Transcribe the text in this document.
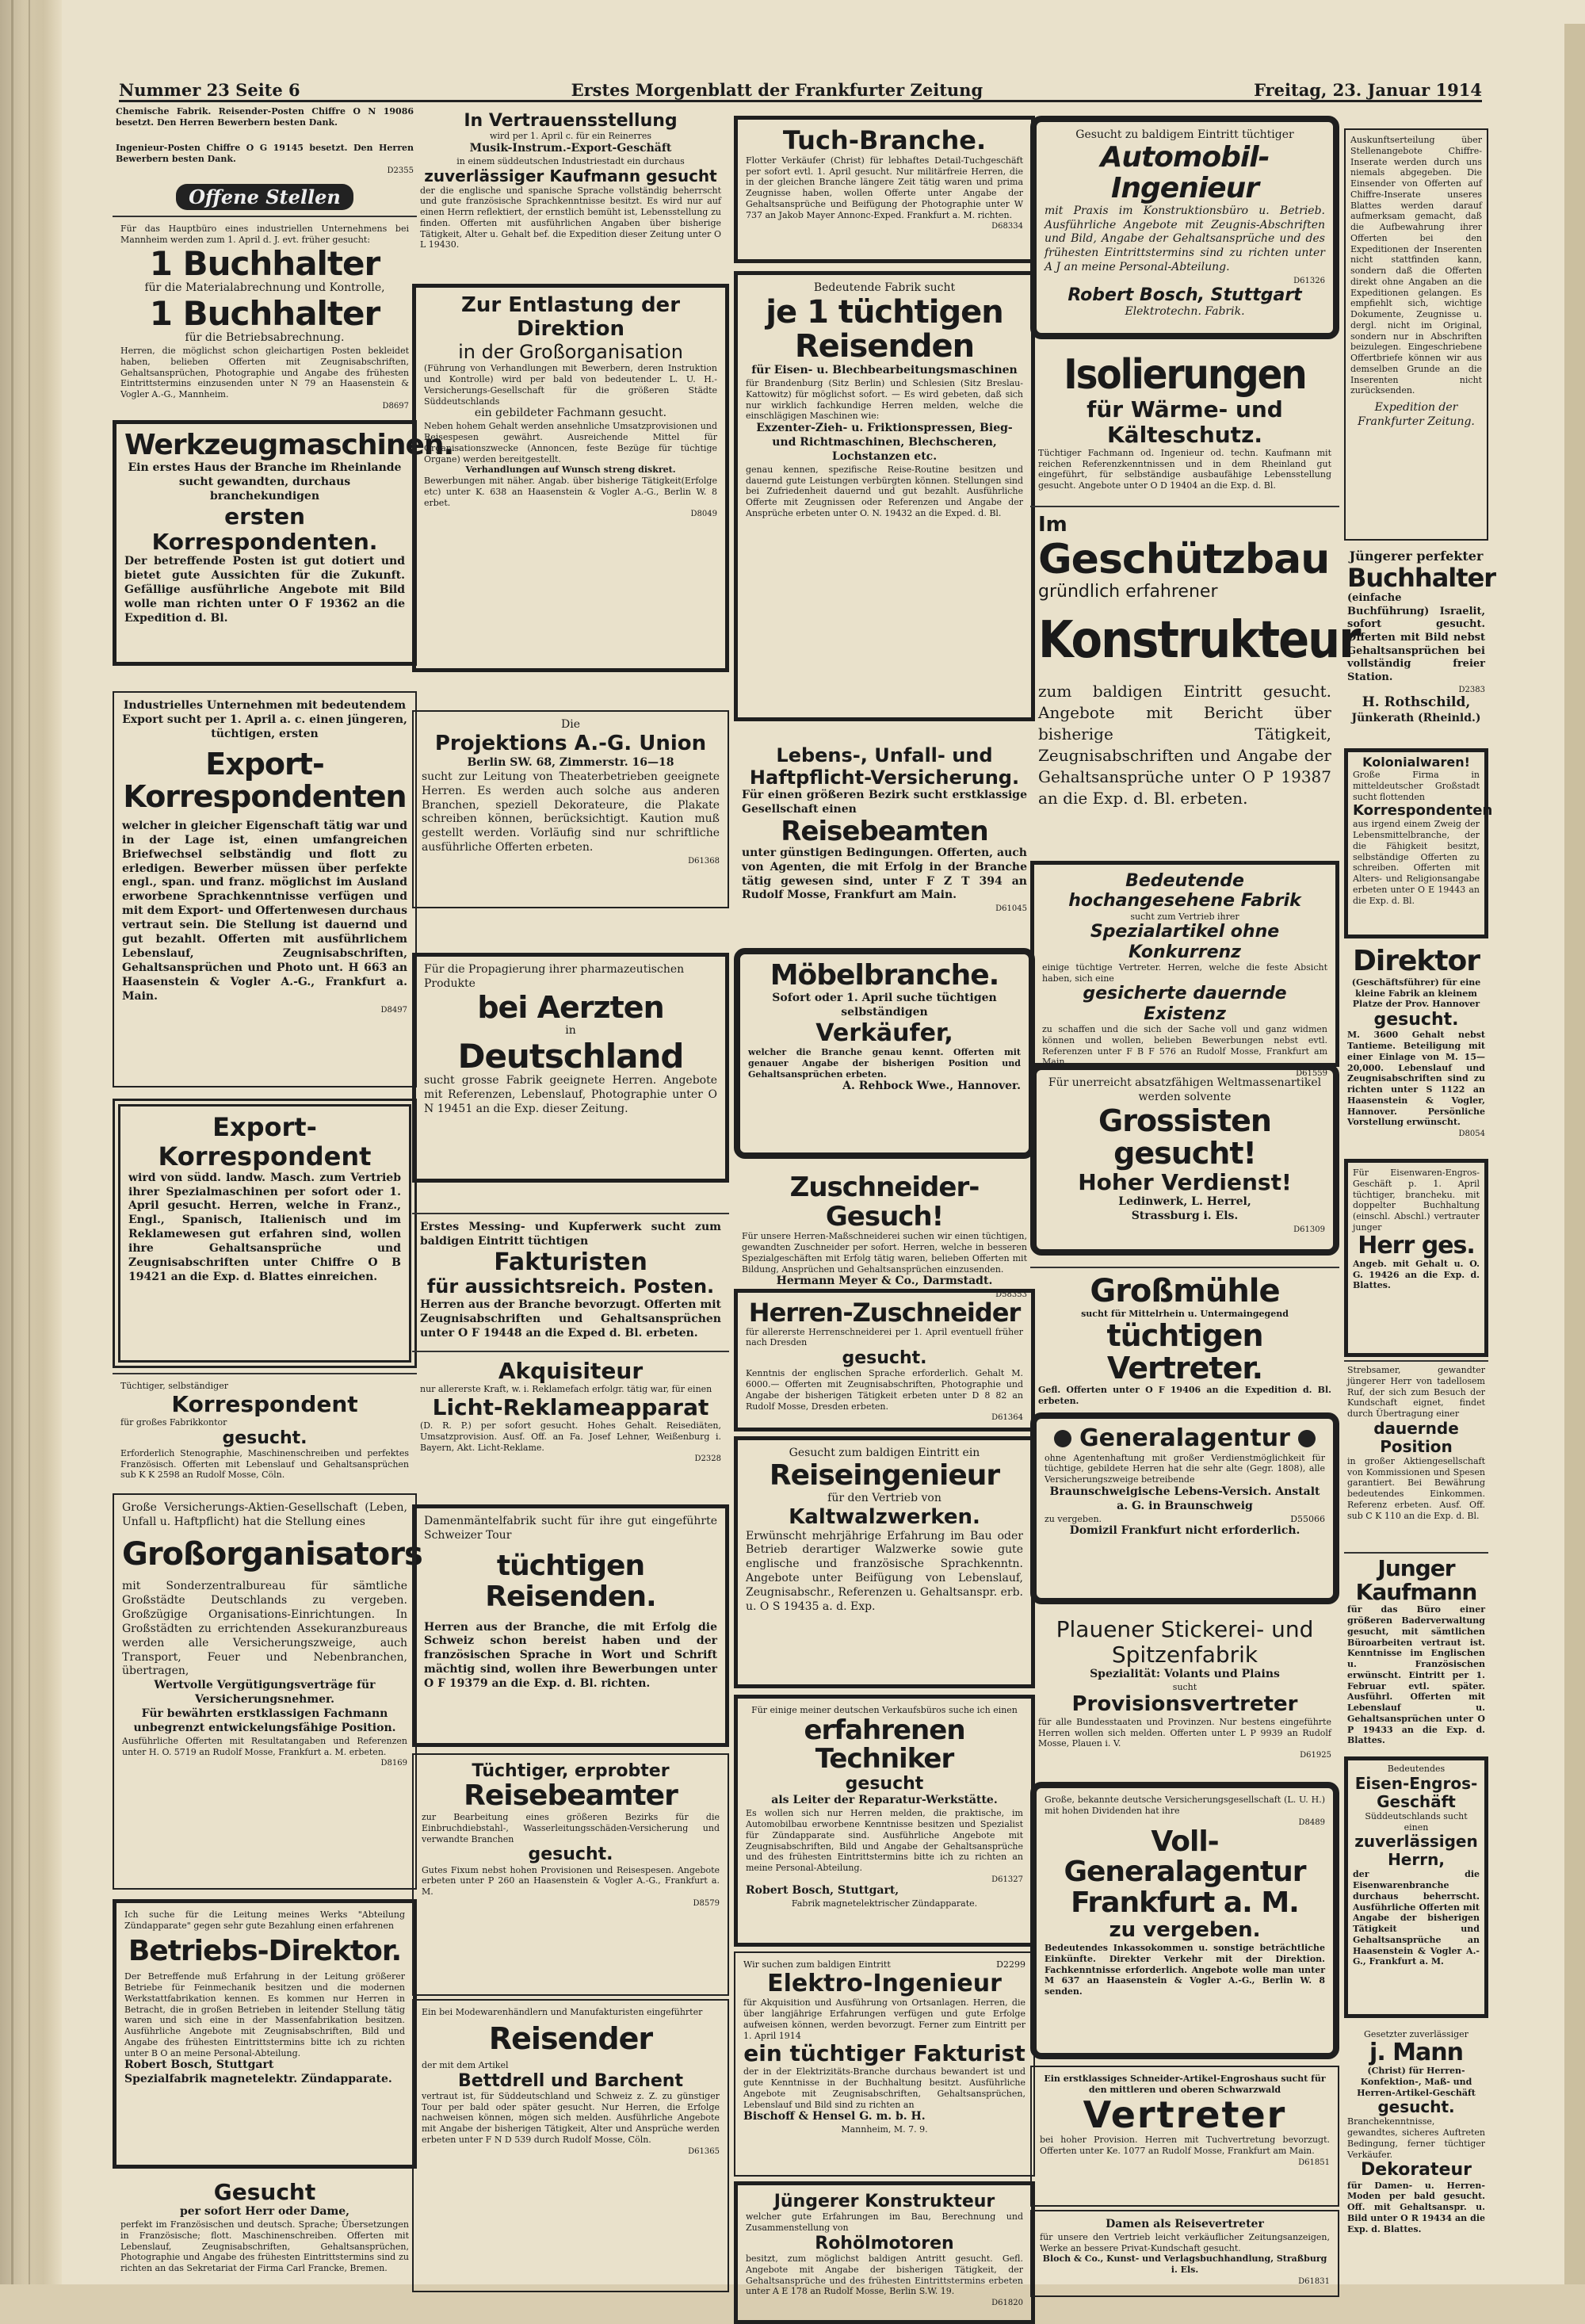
Nummer 23 Seite 6	Erstes Morgenblatt der Frankfurter Zeitung	Freitag, 23. Januar 1914
Chemische Fabrik. Reisender-Posten Chiffre O N 19086 besetzt. Den Herren Bewerbern besten Dank.
Ingenieur-Posten Chiffre O G 19145 besetzt. Den Herren Bewerbern besten Dank.
D2355
Offene Stellen
Für das Hauptbüro eines industriellen Unternehmens bei Mannheim werden zum 1. April d. J. evt. früher gesucht:
1 Buchhalter
für die Materialabrechnung und Kontrolle,
1 Buchhalter
für die Betriebsabrechnung.
Herren, die möglichst schon gleichartigen Posten bekleidet haben, belieben Offerten mit Zeugnisabschriften, Gehaltsansprüchen, Photographie und Angabe des frühesten Eintrittstermins einzusenden unter N 79 an Haasenstein & Vogler A.-G., Mannheim.
D8697
Werkzeugmaschinen.
Ein erstes Haus der Branche im Rheinlande sucht gewandten, durchaus branchekundigen
ersten Korrespondenten.
Der betreffende Posten ist gut dotiert und bietet gute Aussichten für die Zukunft. Gefällige ausführliche Angebote mit Bild wolle man richten unter O F 19362 an die Expedition d. Bl.
Industrielles Unternehmen mit bedeutendem Export sucht per 1. April a. c. einen jüngeren, tüchtigen, ersten
Export-Korrespondenten
welcher in gleicher Eigenschaft tätig war und in der Lage ist, einen umfangreichen Briefwechsel selbständig und flott zu erledigen. Bewerber müssen über perfekte engl., span. und franz. möglichst im Ausland erworbene Sprachkenntnisse verfügen und mit dem Export- und Offertenwesen durchaus vertraut sein. Die Stellung ist dauernd und gut bezahlt. Offerten mit ausführlichem Lebenslauf, Zeugnisabschriften, Gehaltsansprüchen und Photo unt. H 663 an Haasenstein & Vogler A.-G., Frankfurt a. Main.
D8497
Export-Korrespondent
wird von südd. landw. Masch. zum Vertrieb ihrer Spezialmaschinen per sofort oder 1. April gesucht. Herren, welche in Franz., Engl., Spanisch, Italienisch und im Reklamewesen gut erfahren sind, wollen ihre Gehaltsansprüche und Zeugnisabschriften unter Chiffre O B 19421 an die Exp. d. Blattes einreichen.
Tüchtiger, selbständiger
Korrespondent
für großes Fabrikkontor
gesucht.
Erforderlich Stenographie, Maschinenschreiben und perfektes Französisch. Offerten mit Lebenslauf und Gehaltsansprüchen sub K K 2598 an Rudolf Mosse, Cöln.
Große Versicherungs-Aktien-Gesellschaft (Leben, Unfall u. Haftpflicht) hat die Stellung eines
Großorganisators
mit Sonderzentralbureau für sämtliche Großstädte Deutschlands zu vergeben. Großzügige Organisations-Einrichtungen. In Großstädten zu errichtenden Assekuranzbureaus werden alle Versicherungszweige, auch Transport, Feuer und Nebenbranchen, übertragen,
Wertvolle Vergütigungsverträge für Versicherungsnehmer.
Für bewährten erstklassigen Fachmann unbegrenzt entwickelungsfähige Position.
Ausführliche Offerten mit Resultatangaben und Referenzen unter H. O. 5719 an Rudolf Mosse, Frankfurt a. M. erbeten.
D8169
Ich suche für die Leitung meines Werks "Abteilung Zündapparate" gegen sehr gute Bezahlung einen erfahrenen
Betriebs-Direktor.
Der Betreffende muß Erfahrung in der Leitung größerer Betriebe für Feinmechanik besitzen und die modernen Werkstattfabrikation kennen. Es kommen nur Herren in Betracht, die in großen Betrieben in leitender Stellung tätig waren und sich eine in der Massenfabrikation besitzen. Ausführliche Angebote mit Zeugnisabschriften, Bild und Angabe des frühesten Eintrittstermins bitte ich zu richten unter B O an meine Personal-Abteilung.
Robert Bosch, Stuttgart
Spezialfabrik magnetelektr. Zündapparate.
Gesucht
per sofort Herr oder Dame,
perfekt im Französischen und deutsch. Sprache; Übersetzungen in Französische; flott. Maschinenschreiben. Offerten mit Lebenslauf, Zeugnisabschriften, Gehaltsansprüchen, Photographie und Angabe des frühesten Eintrittstermins sind zu richten an das Sekretariat der Firma Carl Francke, Bremen.
In Vertrauensstellung
wird per 1. April c. für ein Reinerres
Musik-Instrum.-Export-Geschäft
in einem süddeutschen Industriestadt ein durchaus
zuverlässiger Kaufmann gesucht
der die englische und spanische Sprache vollständig beherrscht und gute französische Sprachkenntnisse besitzt. Es wird nur auf einen Herrn reflektiert, der ernstlich bemüht ist, Lebensstellung zu finden. Offerten mit ausführlichen Angaben über bisherige Tätigkeit, Alter u. Gehalt bef. die Expedition dieser Zeitung unter O L 19430.
Zur Entlastung der Direktion
in der Großorganisation
(Führung von Verhandlungen mit Bewerbern, deren Instruktion und Kontrolle) wird per bald von bedeutender L. U. H.-Versicherungs-Gesellschaft für die größeren Städte Süddeutschlands
ein gebildeter Fachmann gesucht.
Neben hohem Gehalt werden ansehnliche Umsatzprovisionen und Reisespesen gewährt. Ausreichende Mittel für Organisationszwecke (Annoncen, feste Bezüge für tüchtige Organe) werden bereitgestellt.
Verhandlungen auf Wunsch streng diskret.
Bewerbungen mit näher. Angab. über bisherige Tätigkeit(Erfolge etc) unter K. 638 an Haasenstein & Vogler A.-G., Berlin W. 8 erbet.
D8049
Die
Projektions A.-G. Union
Berlin SW. 68, Zimmerstr. 16—18
sucht zur Leitung von Theaterbetrieben geeignete Herren. Es werden auch solche aus anderen Branchen, speziell Dekorateure, die Plakate schreiben können, berücksichtigt. Kaution muß gestellt werden. Vorläufig sind nur schriftliche ausführliche Offerten erbeten.
D61368
Für die Propagierung ihrer pharmazeutischen Produkte
bei Aerzten
in
Deutschland
sucht grosse Fabrik geeignete Herren. Angebote mit Referenzen, Lebenslauf, Photographie unter O N 19451 an die Exp. dieser Zeitung.
Erstes Messing- und Kupferwerk sucht zum baldigen Eintritt tüchtigen
Fakturisten
für aussichtsreich. Posten.
Herren aus der Branche bevorzugt. Offerten mit Zeugnisabschriften und Gehaltsansprüchen unter O F 19448 an die Exped d. Bl. erbeten.
Akquisiteur
nur allererste Kraft, w. i. Reklamefach erfolgr. tätig war, für einen
Licht-Reklameapparat
(D. R. P.) per sofort gesucht. Hohes Gehalt. Reisediäten, Umsatzprovision. Ausf. Off. an Fa. Josef Lehner, Weißenburg i. Bayern, Akt. Licht-Reklame.
D2328
Damenmäntelfabrik sucht für ihre gut eingeführte Schweizer Tour
tüchtigen Reisenden.
Herren aus der Branche, die mit Erfolg die Schweiz schon bereist haben und der französischen Sprache in Wort und Schrift mächtig sind, wollen ihre Bewerbungen unter O F 19379 an die Exp. d. Bl. richten.
Tüchtiger, erprobter
Reisebeamter
zur Bearbeitung eines größeren Bezirks für die Einbruchdiebstahl-, Wasserleitungsschäden-Versicherung und verwandte Branchen
gesucht.
Gutes Fixum nebst hohen Provisionen und Reisespesen. Angebote erbeten unter P 260 an Haasenstein & Vogler A.-G., Frankfurt a. M.
D8579
Ein bei Modewarenhändlern und Manufakturisten eingeführter
Reisender
der mit dem Artikel
Bettdrell und Barchent
vertraut ist, für Süddeutschland und Schweiz z. Z. zu günstiger Tour per bald oder später gesucht. Nur Herren, die Erfolge nachweisen können, mögen sich melden. Ausführliche Angebote mit Angabe der bisherigen Tätigkeit, Alter und Ansprüche werden erbeten unter F N D 539 durch Rudolf Mosse, Cöln.
D61365
Tuch-Branche.
Flotter Verkäufer (Christ) für lebhaftes Detail-Tuchgeschäft per sofort evtl. 1. April gesucht. Nur militärfreie Herren, die in der gleichen Branche längere Zeit tätig waren und prima Zeugnisse haben, wollen Offerte unter Angabe der Gehaltsansprüche und Beifügung der Photographie unter W 737 an Jakob Mayer Annonc-Exped. Frankfurt a. M. richten.
D68334
Bedeutende Fabrik sucht
je 1 tüchtigen Reisenden
für Eisen- u. Blechbearbeitungsmaschinen
für Brandenburg (Sitz Berlin) und Schlesien (Sitz Breslau-Kattowitz) für möglichst sofort. — Es wird gebeten, daß sich nur wirklich fachkundige Herren melden, welche die einschlägigen Maschinen wie:
Exzenter-Zieh- u. Friktionspressen, Bieg- und Richtmaschinen, Blechscheren, Lochstanzen etc.
genau kennen, spezifische Reise-Routine besitzen und dauernd gute Leistungen verbürgten können. Stellungen sind bei Zufriedenheit dauernd und gut bezahlt. Ausführliche Offerte mit Zeugnissen oder Referenzen und Angabe der Ansprüche erbeten unter O. N. 19432 an die Exped. d. Bl.
Lebens-, Unfall- und Haftpflicht-Versicherung.
Für einen größeren Bezirk sucht erstklassige Gesellschaft einen
Reisebeamten
unter günstigen Bedingungen. Offerten, auch von Agenten, die mit Erfolg in der Branche tätig gewesen sind, unter F Z T 394 an Rudolf Mosse, Frankfurt am Main.
D61045
Möbelbranche.
Sofort oder 1. April suche tüchtigen selbständigen
Verkäufer,
welcher die Branche genau kennt. Offerten mit genauer Angabe der bisherigen Position und Gehaltsansprüchen erbeten.
A. Rehbock Wwe., Hannover.
Zuschneider-Gesuch!
Für unsere Herren-Maßschneiderei suchen wir einen tüchtigen, gewandten Zuschneider per sofort. Herren, welche in besseren Spezialgeschäften mit Erfolg tätig waren, belieben Offerten mit Bildung, Ansprüchen und Gehaltsansprüchen einzusenden.
Hermann Meyer & Co., Darmstadt.
D58353
Herren-Zuschneider
für allererste Herrenschneiderei per 1. April eventuell früher nach Dresden
gesucht.
Kenntnis der englischen Sprache erforderlich. Gehalt M. 6000.— Offerten mit Zeugnisabschriften, Photographie und Angabe der bisherigen Tätigkeit erbeten unter D 8 82 an Rudolf Mosse, Dresden erbeten.
D61364
Gesucht zum baldigen Eintritt ein
Reiseingenieur
für den Vertrieb von
Kaltwalzwerken.
Erwünscht mehrjährige Erfahrung im Bau oder Betrieb derartiger Walzwerke sowie gute englische und französische Sprachkenntn. Angebote unter Beifügung von Lebenslauf, Zeugnisabschr., Referenzen u. Gehaltsanspr. erb. u. O S 19435 a. d. Exp.
Für einige meiner deutschen Verkaufsbüros suche ich einen
erfahrenen Techniker
gesucht
als Leiter der Reparatur-Werkstätte.
Es wollen sich nur Herren melden, die praktische, im Automobilbau erworbene Kenntnisse besitzen und Spezialist für Zündapparate sind. Ausführliche Angebote mit Zeugnisabschriften, Bild und Angabe der Gehaltsansprüche und des frühesten Eintrittstermins bitte ich zu richten an meine Personal-Abteilung.
D61327
Robert Bosch, Stuttgart,
Fabrik magnetelektrischer Zündapparate.
Wir suchen zum baldigen Eintritt	D2299
Elektro-Ingenieur
für Akquisition und Ausführung von Ortsanlagen. Herren, die über langjährige Erfahrungen verfügen und gute Erfolge aufweisen können, werden bevorzugt. Ferner zum Eintritt per 1. April 1914
ein tüchtiger Fakturist
der in der Elektrizitäts-Branche durchaus bewandert ist und gute Kenntnisse in der Buchhaltung besitzt. Ausführliche Angebote mit Zeugnisabschriften, Gehaltsansprüchen, Lebenslauf und Bild sind zu richten an
Bischoff & Hensel G. m. b. H.
Mannheim, M. 7. 9.
Jüngerer Konstrukteur
welcher gute Erfahrungen im Bau, Berechnung und Zusammenstellung von
Rohölmotoren
besitzt, zum möglichst baldigen Antritt gesucht. Gefl. Angebote mit Angabe der bisherigen Tätigkeit, der Gehaltsansprüche und des frühesten Eintrittstermins erbeten unter A E 178 an Rudolf Mosse, Berlin S.W. 19.
D61820
Gesucht zu baldigem Eintritt tüchtiger
Automobil-Ingenieur
mit Praxis im Konstruktionsbüro u. Betrieb. Ausführliche Angebote mit Zeugnis-Abschriften und Bild, Angabe der Gehaltsansprüche und des frühesten Eintrittstermins sind zu richten unter A J an meine Personal-Abteilung.
D61326
Robert Bosch, Stuttgart
Elektrotechn. Fabrik.
Isolierungen
für Wärme- und Kälteschutz.
Tüchtiger Fachmann od. Ingenieur od. techn. Kaufmann mit reichen Referenzkenntnissen und in dem Rheinland gut eingeführt, für selbständige ausbaufähige Lebensstellung gesucht. Angebote unter O D 19404 an die Exp. d. Bl.
Im
Geschützbau
gründlich erfahrener
Konstrukteur
zum baldigen Eintritt gesucht. Angebote mit Bericht über bisherige Tätigkeit, Zeugnisabschriften und Angabe der Gehaltsansprüche unter O P 19387 an die Exp. d. Bl. erbeten.
Bedeutende hochangesehene Fabrik
sucht zum Vertrieb ihrer
Spezialartikel ohne Konkurrenz
einige tüchtige Vertreter. Herren, welche die feste Absicht haben, sich eine
gesicherte dauernde Existenz
zu schaffen und die sich der Sache voll und ganz widmen können und wollen, belieben Bewerbungen nebst evtl. Referenzen unter F B F 576 an Rudolf Mosse, Frankfurt am Main.
D61559
Für unerreicht absatzfähigen Weltmassenartikel werden solvente
Grossisten gesucht!
Hoher Verdienst!
Ledinwerk, L. Herrel,
Strassburg i. Els.
D61309
Großmühle
sucht für Mittelrhein u. Untermaingegend
tüchtigen Vertreter.
Gefl. Offerten unter O F 19406 an die Expedition d. Bl. erbeten.
Generalagentur
ohne Agentenhaftung mit großer Verdienstmöglichkeit für tüchtige, gebildete Herren hat die sehr alte (Gegr. 1808), alle Versicherungszweige betreibende
Braunschweigische Lebens-Versich. Anstalt a. G. in Braunschweig
zu vergeben.	D55066
Domizil Frankfurt nicht erforderlich.
Plauener Stickerei- und Spitzenfabrik
Spezialität: Volants und Plains
sucht
Provisionsvertreter
für alle Bundesstaaten und Provinzen. Nur bestens eingeführte Herren wollen sich melden. Offerten unter L P 9939 an Rudolf Mosse, Plauen i. V.
D61925
Große, bekannte deutsche Versicherungsgesellschaft (L. U. H.) mit hohen Dividenden hat ihre
D8489
Voll-Generalagentur
Frankfurt a. M.
zu vergeben.
Bedeutendes Inkassokommen u. sonstige beträchtliche Einkünfte. Direkter Verkehr mit der Direktion. Fachkenntnisse erforderlich. Angebote wolle man unter M 637 an Haasenstein & Vogler A.-G., Berlin W. 8 senden.
Ein erstklassiges Schneider-Artikel-Engroshaus sucht für den mittleren und oberen Schwarzwald
Vertreter
bei hoher Provision. Herren mit Tuchvertretung bevorzugt. Offerten unter Ke. 1077 an Rudolf Mosse, Frankfurt am Main.
D61851
Damen als Reisevertreter
für unsere den Vertrieb leicht verkäuflicher Zeitungsanzeigen, Werke an bessere Privat-Kundschaft gesucht.
Bloch & Co., Kunst- und Verlagsbuchhandlung, Straßburg i. Els.
D61831
Auskunftserteilung über Stellenangebote Chiffre-Inserate werden durch uns niemals abgegeben. Die Einsender von Offerten auf Chiffre-Inserate unseres Blattes werden darauf aufmerksam gemacht, daß die Aufbewahrung ihrer Offerten bei den Expeditionen der Inserenten nicht stattfinden kann, sondern daß die Offerten direkt ohne Angaben an die Expeditionen gelangen. Es empfiehlt sich, wichtige Dokumente, Zeugnisse u. dergl. nicht im Original, sondern nur in Abschriften beizulegen. Eingeschriebene Offertbriefe können wir aus demselben Grunde an die Inserenten nicht zurücksenden.
Expedition der Frankfurter Zeitung.
Jüngerer perfekter
Buchhalter
(einfache Buchführung) Israelit, sofort gesucht. Offerten mit Bild nebst Gehaltsansprüchen bei vollständig freier Station.
D2383
H. Rothschild,
Jünkerath (Rheinld.)
Kolonialwaren!
Große Firma in mitteldeutscher Großstadt sucht flottenden
Korrespondenten
aus irgend einem Zweig der Lebensmittelbranche, der die Fähigkeit besitzt, selbständige Offerten zu schreiben. Offerten mit Alters- und Religionsangabe erbeten unter O E 19443 an die Exp. d. Bl.
Direktor
(Geschäftsführer) für eine kleine Fabrik an kleinem Platze der Prov. Hannover
gesucht.
M. 3600 Gehalt nebst Tantieme. Beteiligung mit einer Einlage von M. 15—20,000. Lebenslauf und Zeugnisabschriften sind zu richten unter S 1122 an Haasenstein & Vogler, Hannover. Persönliche Vorstellung erwünscht.
D8054
Für Eisenwaren-Engros-Geschäft p. 1. April tüchtiger, brancheku. mit doppelter Buchhaltung (einschl. Abschl.) vertrauter junger
Herr ges.
Angeb. mit Gehalt u. O. G. 19426 an die Exp. d. Blattes.
Strebsamer, gewandter jüngerer Herr von tadellosem Ruf, der sich zum Besuch der Kundschaft eignet, findet durch Übertragung einer
dauernde Position
in großer Aktiengesellschaft von Kommissionen und Spesen garantiert. Bei Bewährung bedeutendes Einkommen. Referenz erbeten. Ausf. Off. sub C K 110 an die Exp. d. Bl.
Junger Kaufmann
für das Büro einer größeren Baderverwaltung gesucht, mit sämtlichen Büroarbeiten vertraut ist. Kenntnisse im Englischen u. Französischen erwünscht. Eintritt per 1. Februar evtl. später. Ausführl. Offerten mit Lebenslauf u. Gehaltsansprüchen unter O P 19433 an die Exp. d. Blattes.
Bedeutendes
Eisen-Engros-Geschäft
Süddeutschlands sucht einen
zuverlässigen Herrn,
der die Eisenwarenbranche durchaus beherrscht. Ausführliche Offerten mit Angabe der bisherigen Tätigkeit und Gehaltsansprüche an Haasenstein & Vogler A.-G., Frankfurt a. M.
Gesetzter zuverlässiger
j. Mann
(Christ) für Herren-Konfektion-, Maß- und Herren-Artikel-Geschäft
gesucht.
Branchekenntnisse, gewandtes, sicheres Auftreten Bedingung, ferner tüchtiger Verkäufer.
Dekorateur
für Damen- u. Herren-Moden per bald gesucht. Off. mit Gehaltsanspr. u. Bild unter O R 19434 an die Exp. d. Blattes.
